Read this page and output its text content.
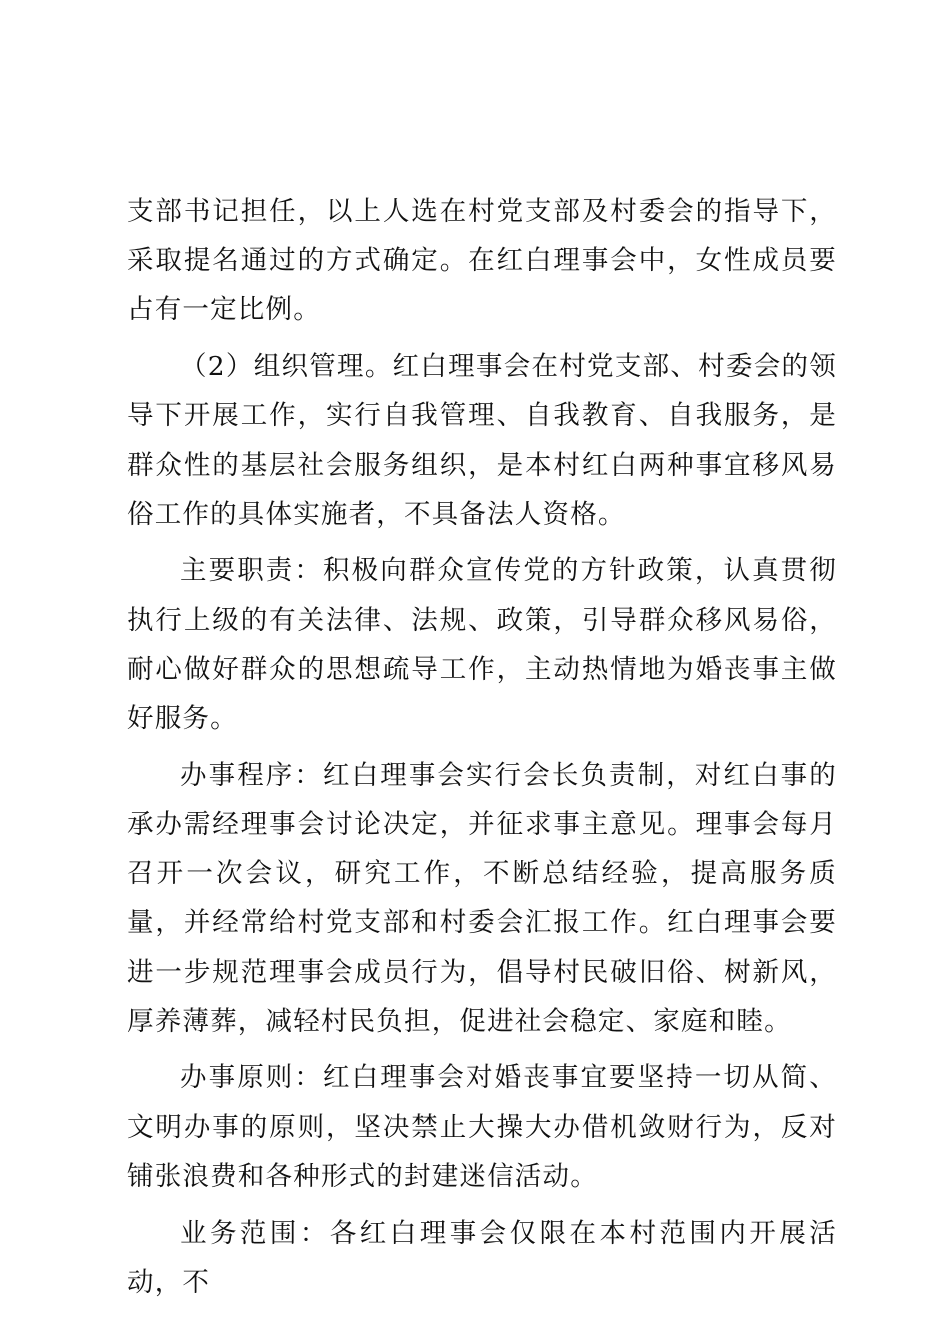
支部书记担任，以上人选在村党支部及村委会的指导下，采取提名通过的方式确定。在红白理事会中，女性成员要占有一定比例。

（2）组织管理。红白理事会在村党支部、村委会的领导下开展工作，实行自我管理、自我教育、自我服务，是群众性的基层社会服务组织，是本村红白两种事宜移风易俗工作的具体实施者，不具备法人资格。

主要职责：积极向群众宣传党的方针政策，认真贯彻执行上级的有关法律、法规、政策，引导群众移风易俗，耐心做好群众的思想疏导工作，主动热情地为婚丧事主做好服务。

办事程序：红白理事会实行会长负责制，对红白事的承办需经理事会讨论决定，并征求事主意见。理事会每月召开一次会议，研究工作，不断总结经验，提高服务质量，并经常给村党支部和村委会汇报工作。红白理事会要进一步规范理事会成员行为，倡导村民破旧俗、树新风，厚养薄葬，减轻村民负担，促进社会稳定、家庭和睦。

办事原则：红白理事会对婚丧事宜要坚持一切从简、文明办事的原则，坚决禁止大操大办借机敛财行为，反对铺张浪费和各种形式的封建迷信活动。

业务范围：各红白理事会仅限在本村范围内开展活动，不
